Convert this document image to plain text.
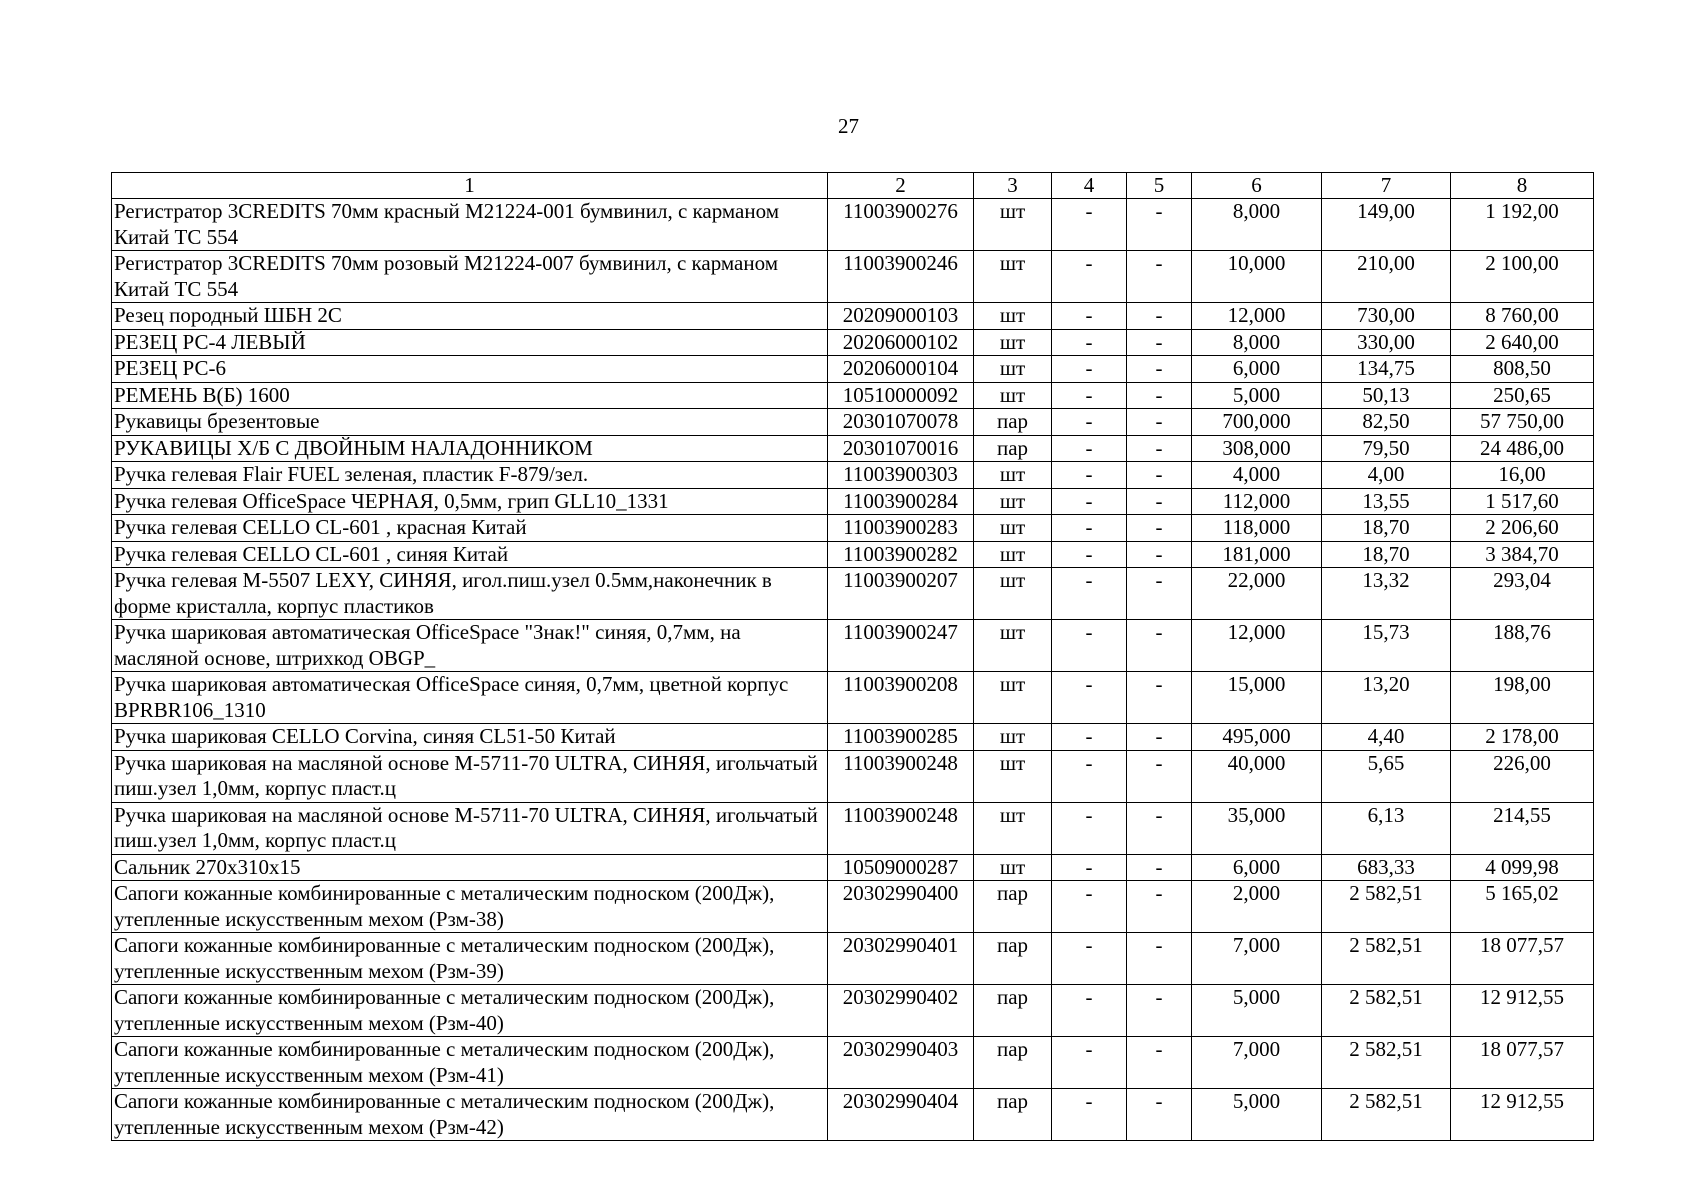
27
1	2	3	4	5	6	7	8
Регистратор 3CREDITS 70мм красный М21224-001 бумвинил, с карманом Китай TC 554	11003900276	шт	-	-	8,000	149,00	1 192,00
Регистратор 3CREDITS 70мм розовый М21224-007 бумвинил, с карманом Китай TC 554	11003900246	шт	-	-	10,000	210,00	2 100,00
Резец породный ШБН 2С	20209000103	шт	-	-	12,000	730,00	8 760,00
РЕЗЕЦ РС-4 ЛЕВЫЙ	20206000102	шт	-	-	8,000	330,00	2 640,00
РЕЗЕЦ РС-6	20206000104	шт	-	-	6,000	134,75	808,50
РЕМЕНЬ В(Б) 1600	10510000092	шт	-	-	5,000	50,13	250,65
Рукавицы брезентовые	20301070078	пар	-	-	700,000	82,50	57 750,00
РУКАВИЦЫ Х/Б С ДВОЙНЫМ НАЛАДОННИКОМ	20301070016	пар	-	-	308,000	79,50	24 486,00
Ручка гелевая Flair FUEL зеленая, пластик F-879/зел.	11003900303	шт	-	-	4,000	4,00	16,00
Ручка гелевая OfficeSpace ЧЕРНАЯ, 0,5мм, грип GLL10_1331	11003900284	шт	-	-	112,000	13,55	1 517,60
Ручка гелевая CELLO CL-601 , красная Китай	11003900283	шт	-	-	118,000	18,70	2 206,60
Ручка гелевая CELLO CL-601 , синяя Китай	11003900282	шт	-	-	181,000	18,70	3 384,70
Ручка гелевая M-5507 LEXY, СИНЯЯ, игол.пиш.узел 0.5мм,наконечник в форме кристалла, корпус пластиков	11003900207	шт	-	-	22,000	13,32	293,04
Ручка шариковая автоматическая OfficeSpace "Знак!" синяя, 0,7мм, на масляной основе, штрихкод OBGP_	11003900247	шт	-	-	12,000	15,73	188,76
Ручка шариковая автоматическая OfficeSpace синяя, 0,7мм, цветной корпус BPRBR106_1310	11003900208	шт	-	-	15,000	13,20	198,00
Ручка шариковая CELLO Corvina, синяя CL51-50 Китай	11003900285	шт	-	-	495,000	4,40	2 178,00
Ручка шариковая на масляной основе M-5711-70 ULTRA, СИНЯЯ, игольчатый пиш.узел 1,0мм, корпус пласт.ц	11003900248	шт	-	-	40,000	5,65	226,00
Ручка шариковая на масляной основе M-5711-70 ULTRA, СИНЯЯ, игольчатый пиш.узел 1,0мм, корпус пласт.ц	11003900248	шт	-	-	35,000	6,13	214,55
Сальник 270х310х15	10509000287	шт	-	-	6,000	683,33	4 099,98
Сапоги кожанные комбинированные с металическим подноском (200Дж), утепленные искусственным мехом (Рзм-38)	20302990400	пар	-	-	2,000	2 582,51	5 165,02
Сапоги кожанные комбинированные с металическим подноском (200Дж), утепленные искусственным мехом (Рзм-39)	20302990401	пар	-	-	7,000	2 582,51	18 077,57
Сапоги кожанные комбинированные с металическим подноском (200Дж), утепленные искусственным мехом (Рзм-40)	20302990402	пар	-	-	5,000	2 582,51	12 912,55
Сапоги кожанные комбинированные с металическим подноском (200Дж), утепленные искусственным мехом (Рзм-41)	20302990403	пар	-	-	7,000	2 582,51	18 077,57
Сапоги кожанные комбинированные с металическим подноском (200Дж), утепленные искусственным мехом (Рзм-42)	20302990404	пар	-	-	5,000	2 582,51	12 912,55
